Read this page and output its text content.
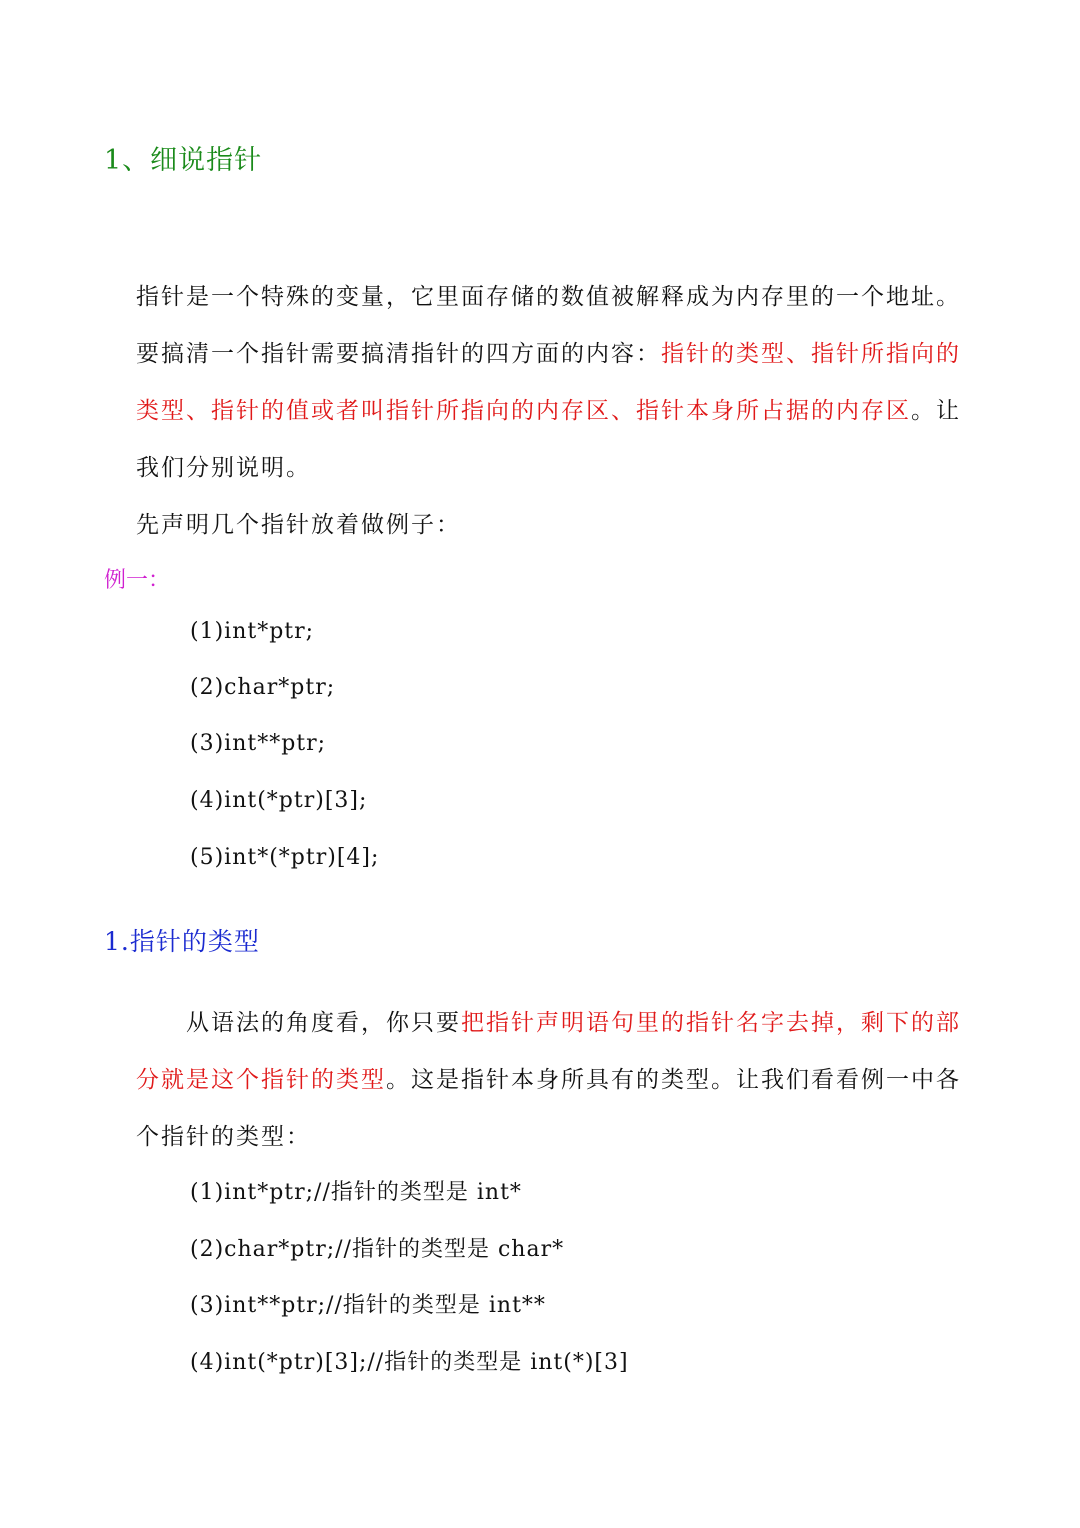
1、细说指针
指针是一个特殊的变量，它里面存储的数值被解释成为内存里的一个地址。
要搞清一个指针需要搞清指针的四方面的内容：指针的类型、指针所指向的
类型、指针的值或者叫指针所指向的内存区、指针本身所占据的内存区。让
我们分别说明。
先声明几个指针放着做例子：
例一：
(1)int*ptr;
(2)char*ptr;
(3)int**ptr;
(4)int(*ptr)[3];
(5)int*(*ptr)[4];
1.指针的类型
从语法的角度看，你只要把指针声明语句里的指针名字去掉，剩下的部
分就是这个指针的类型。这是指针本身所具有的类型。让我们看看例一中各
个指针的类型：
(1)int*ptr;//指针的类型是 int*
(2)char*ptr;//指针的类型是 char*
(3)int**ptr;//指针的类型是 int**
(4)int(*ptr)[3];//指针的类型是 int(*)[3]
